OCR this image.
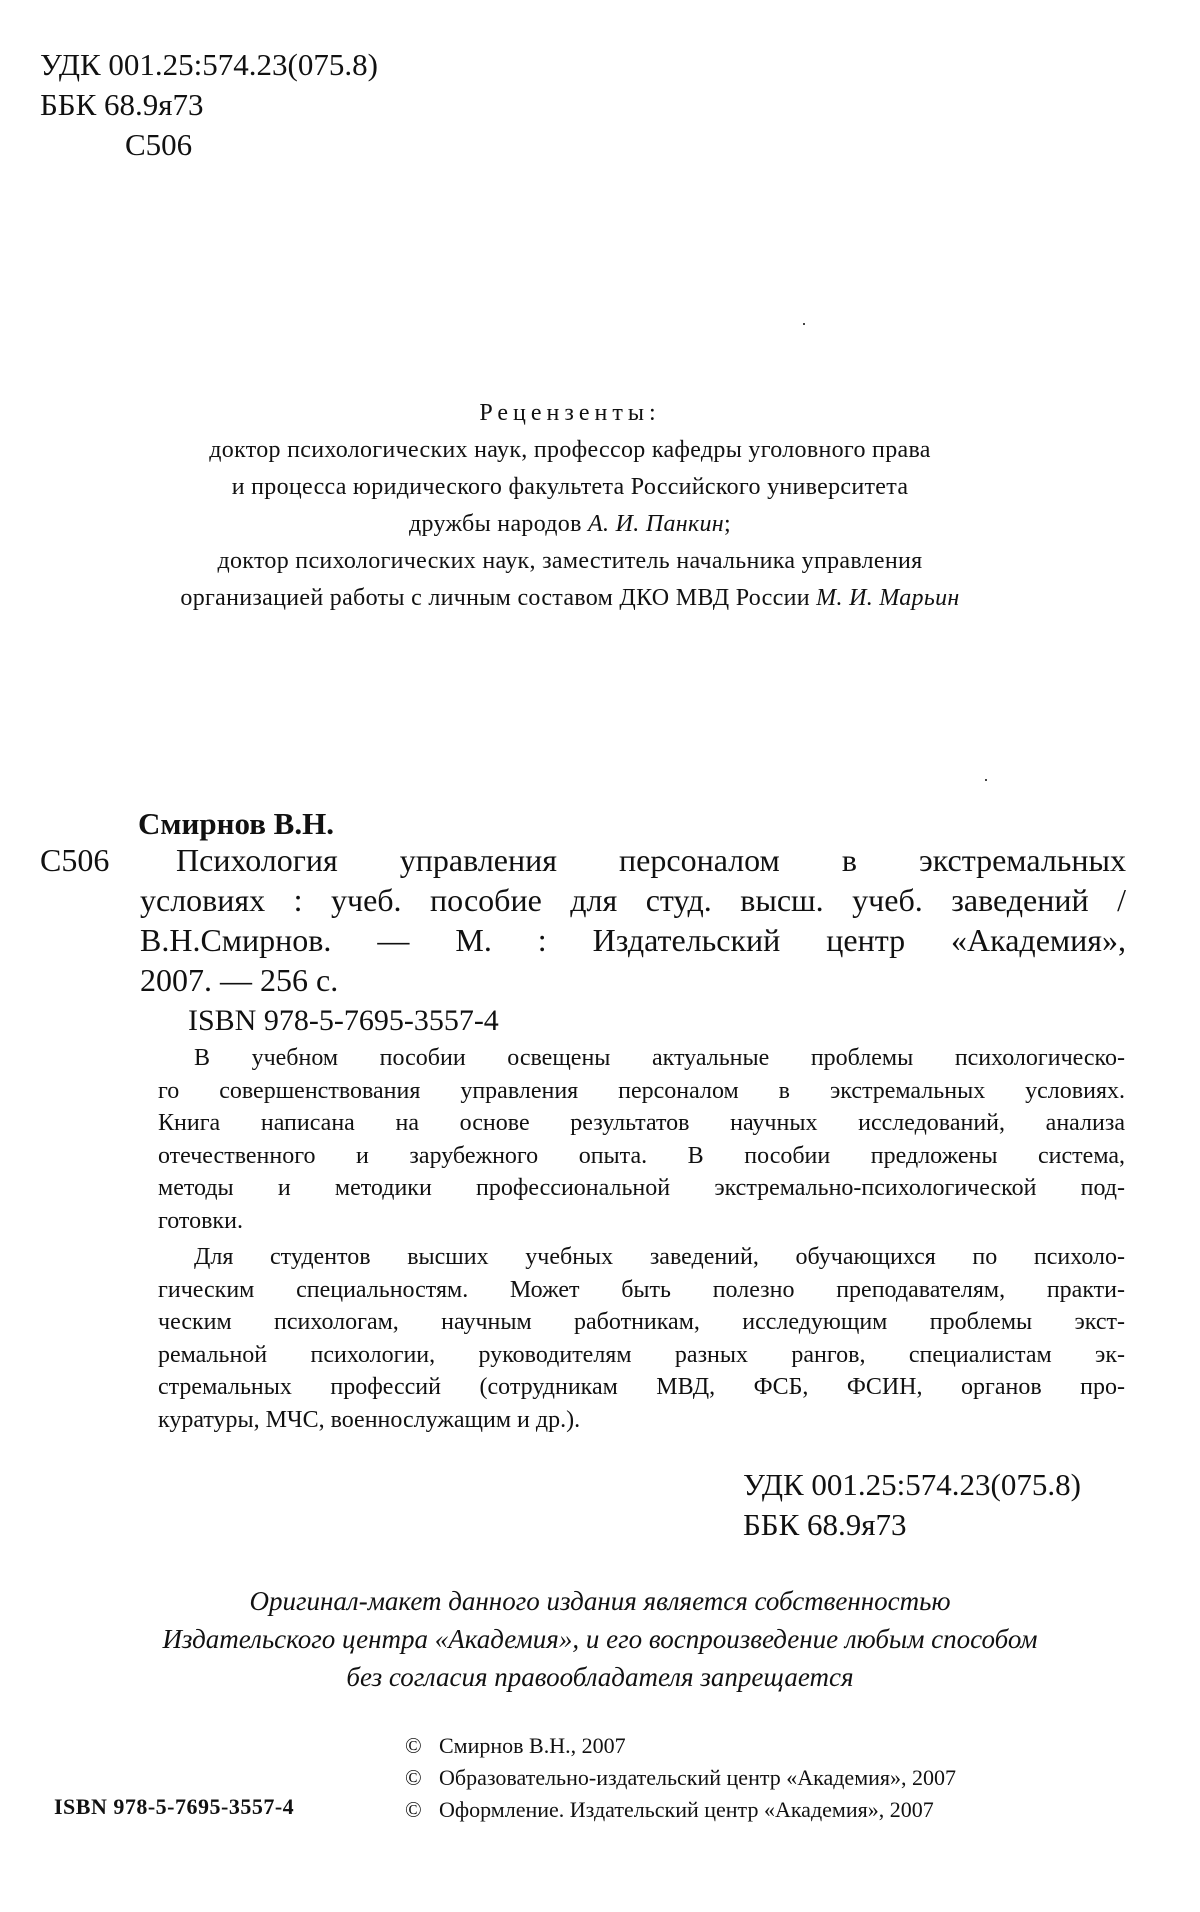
УДК 001.25:574.23(075.8)
ББК 68.9я73
С506
Рецензенты:
доктор психологических наук, профессор кафедры уголовного права
и процесса юридического факультета Российского университета
дружбы народов А. И. Панкин;
доктор психологических наук, заместитель начальника управления
организацией работы с личным составом ДКО МВД России М. И. Марьин
Смирнов В.Н.
С506 Психология управления персоналом в экстремальных
условиях : учеб. пособие для студ. высш. учеб. заведений /
В.Н.Смирнов. — М. : Издательский центр «Академия»,
2007. — 256 с.
ISBN 978-5-7695-3557-4
В учебном пособии освещены актуальные проблемы психологическо-
го совершенствования управления персоналом в экстремальных условиях.
Книга написана на основе результатов научных исследований, анализа
отечественного и зарубежного опыта. В пособии предложены система,
методы и методики профессиональной экстремально-психологической под-
готовки.
Для студентов высших учебных заведений, обучающихся по психоло-
гическим специальностям. Может быть полезно преподавателям, практи-
ческим психологам, научным работникам, исследующим проблемы экст-
ремальной психологии, руководителям разных рангов, специалистам эк-
стремальных профессий (сотрудникам МВД, ФСБ, ФСИН, органов про-
куратуры, МЧС, военнослужащим и др.).
УДК 001.25:574.23(075.8)
ББК 68.9я73
Оригинал-макет данного издания является собственностью
Издательского центра «Академия», и его воспроизведение любым способом
без согласия правообладателя запрещается
© Смирнов В.Н., 2007
© Образовательно-издательский центр «Академия», 2007
© Оформление. Издательский центр «Академия», 2007
ISBN 978-5-7695-3557-4
